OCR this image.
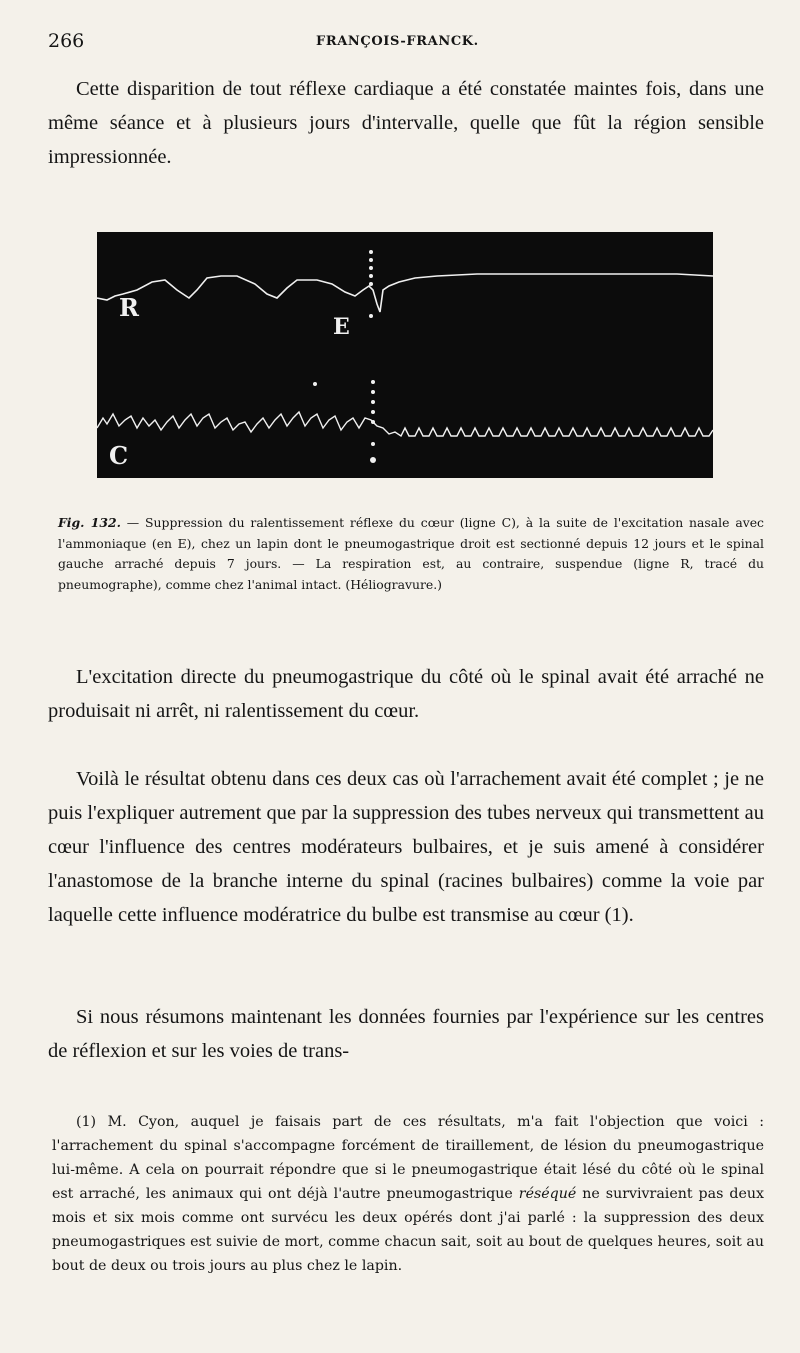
266	FRANÇOIS-FRANCK.

Cette disparition de tout réflexe cardiaque a été constatée maintes fois, dans une même séance et à plusieurs jours d'intervalle, quelle que fût la région sensible impressionnée.

R
E
C

Fig. 132. — Suppression du ralentissement réflexe du cœur (ligne C), à la suite de l'excitation nasale avec l'ammoniaque (en E), chez un lapin dont le pneumogastrique droit est sectionné depuis 12 jours et le spinal gauche arraché depuis 7 jours. — La respiration est, au contraire, suspendue (ligne R, tracé du pneumographe), comme chez l'animal intact. (Héliogravure.)

L'excitation directe du pneumogastrique du côté où le spinal avait été arraché ne produisait ni arrêt, ni ralentissement du cœur.

Voilà le résultat obtenu dans ces deux cas où l'arrachement avait été complet ; je ne puis l'expliquer autrement que par la suppression des tubes nerveux qui transmettent au cœur l'influence des centres modérateurs bulbaires, et je suis amené à considérer l'anastomose de la branche interne du spinal (racines bulbaires) comme la voie par laquelle cette influence modératrice du bulbe est transmise au cœur (1).

Si nous résumons maintenant les données fournies par l'expérience sur les centres de réflexion et sur les voies de trans-

(1) M. Cyon, auquel je faisais part de ces résultats, m'a fait l'objection que voici : l'arrachement du spinal s'accompagne forcément de tiraillement, de lésion du pneumogastrique lui-même. A cela on pourrait répondre que si le pneumogastrique était lésé du côté où le spinal est arraché, les animaux qui ont déjà l'autre pneumogastrique réséqué ne survivraient pas deux mois et six mois comme ont survécu les deux opérés dont j'ai parlé : la suppression des deux pneumogastriques est suivie de mort, comme chacun sait, soit au bout de quelques heures, soit au bout de deux ou trois jours au plus chez le lapin.
